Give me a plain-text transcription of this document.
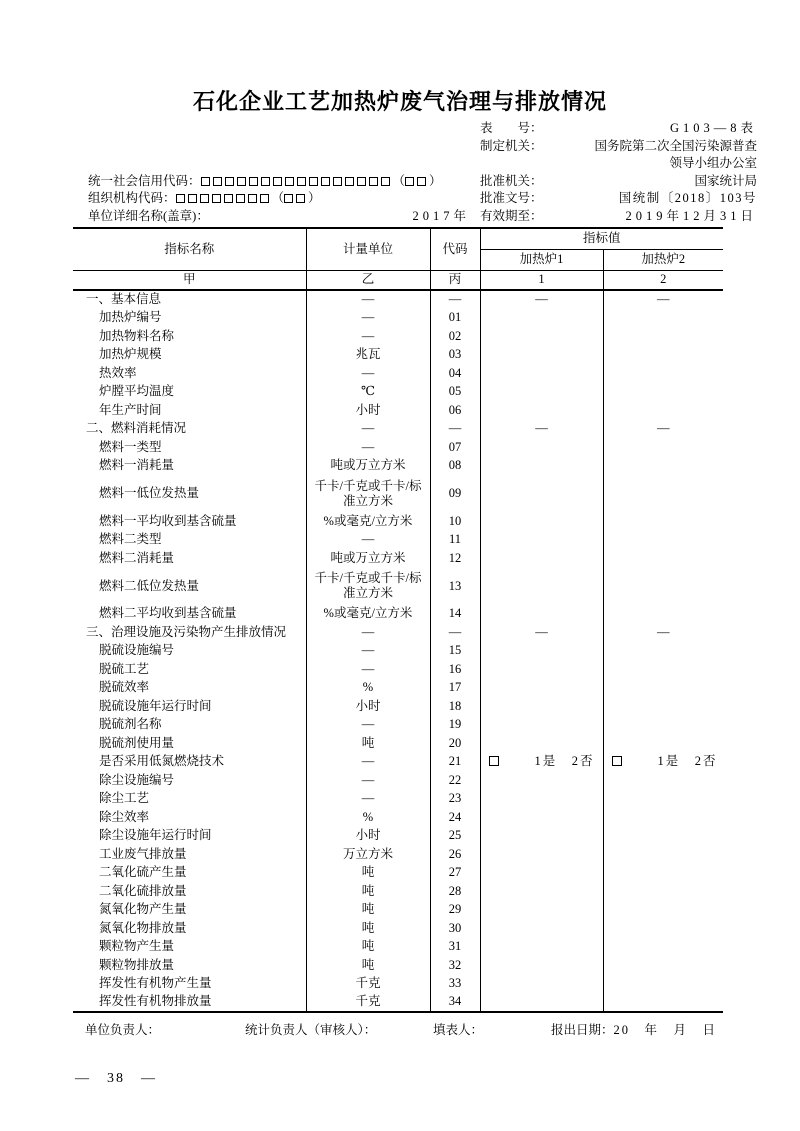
石化企业工艺加热炉废气治理与排放情况
表　　号：	G103—8表
制定机关：	国务院第二次全国污染源普查
领导小组办公室
统一社会信用代码：	（ ）	批准机关：	国家统计局
组织机构代码：	（ ）	批准文号：	国统制〔2018〕103号
单位详细名称(盖章)：	2017年 有效期至：	2019年12月31日
指标名称	计量单位	代码	指标值	
			加热炉1	加热炉2
甲	乙	丙	1	2
一、基本信息	—	—	—	—
加热炉编号	—	01		
加热物料名称	—	02		
加热炉规模	兆瓦	03		
热效率	—	04		
炉膛平均温度	℃	05		
年生产时间	小时	06		
二、燃料消耗情况	—	—	—	—
燃料一类型	—	07		
燃料一消耗量	吨或万立方米	08		
燃料一低位发热量	千卡/千克或千卡/标准立方米	09		
燃料一平均收到基含硫量	%或毫克/立方米	10		
燃料二类型	—	11		
燃料二消耗量	吨或万立方米	12		
燃料二低位发热量	千卡/千克或千卡/标准立方米	13		
燃料二平均收到基含硫量	%或毫克/立方米	14		
三、治理设施及污染物产生排放情况	—	—	—	—
脱硫设施编号	—	15		
脱硫工艺	—	16		
脱硫效率	%	17		
脱硫设施年运行时间	小时	18		
脱硫剂名称	—	19		
脱硫剂使用量	吨	20		
是否采用低氮燃烧技术	—	21	1是　2否	1是　2否
除尘设施编号	—	22		
除尘工艺	—	23		
除尘效率	%	24		
除尘设施年运行时间	小时	25		
工业废气排放量	万立方米	26		
二氧化硫产生量	吨	27		
二氧化硫排放量	吨	28		
氮氧化物产生量	吨	29		
氮氧化物排放量	吨	30		
颗粒物产生量	吨	31		
颗粒物排放量	吨	32		
挥发性有机物产生量	千克	33		
挥发性有机物排放量	千克	34		
单位负责人：	统计负责人（审核人）：	填表人：	报出日期：20　年　月　日
—　38　—
